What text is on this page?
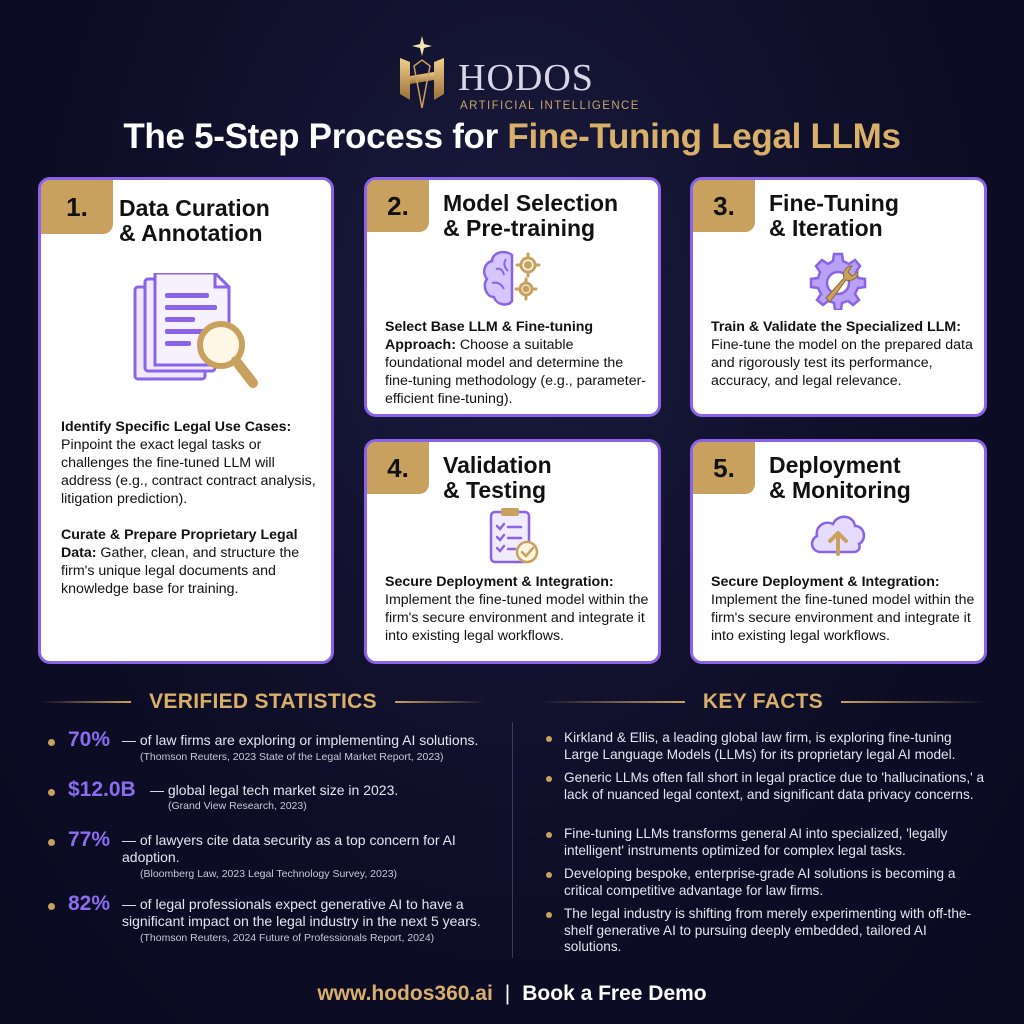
HODOS
ARTIFICIAL INTELLIGENCE
The 5-Step Process for Fine-Tuning Legal LLMs
1.	Data Curation
& Annotation

Identify Specific Legal Use Cases: Pinpoint the exact legal tasks or challenges the fine-tuned LLM will address (e.g., contract contract analysis, litigation prediction).

Curate & Prepare Proprietary Legal Data: Gather, clean, and structure the firm's unique legal documents and knowledge base for training.

2.	Model Selection
& Pre-training

Select Base LLM & Fine-tuning Approach: Choose a suitable foundational model and determine the fine-tuning methodology (e.g., parameter-efficient fine-tuning).

3.	Fine-Tuning
& Iteration

Train & Validate the Specialized LLM: Fine-tune the model on the prepared data and rigorously test its performance, accuracy, and legal relevance.

4.	Validation
& Testing

Secure Deployment & Integration: Implement the fine-tuned model within the firm's secure environment and integrate it into existing legal workflows.

5.	Deployment
& Monitoring

Secure Deployment & Integration: Implement the fine-tuned model within the firm's secure environment and integrate it into existing legal workflows.

VERIFIED STATISTICS	KEY FACTS
70% — of law firms are exploring or implementing AI solutions.
(Thomson Reuters, 2023 State of the Legal Market Report, 2023)
$12.0B — global legal tech market size in 2023.
(Grand View Research, 2023)
77% — of lawyers cite data security as a top concern for AI adoption.
(Bloomberg Law, 2023 Legal Technology Survey, 2023)
82% — of legal professionals expect generative AI to have a significant impact on the legal industry in the next 5 years.
(Thomson Reuters, 2024 Future of Professionals Report, 2024)
Kirkland & Ellis, a leading global law firm, is exploring fine-tuning Large Language Models (LLMs) for its proprietary legal AI model.
Generic LLMs often fall short in legal practice due to 'hallucinations,' a lack of nuanced legal context, and significant data privacy concerns.
Fine-tuning LLMs transforms general AI into specialized, 'legally intelligent' instruments optimized for complex legal tasks.
Developing bespoke, enterprise-grade AI solutions is becoming a critical competitive advantage for law firms.
The legal industry is shifting from merely experimenting with off-the-shelf generative AI to pursuing deeply embedded, tailored AI solutions.
www.hodos360.ai | Book a Free Demo
